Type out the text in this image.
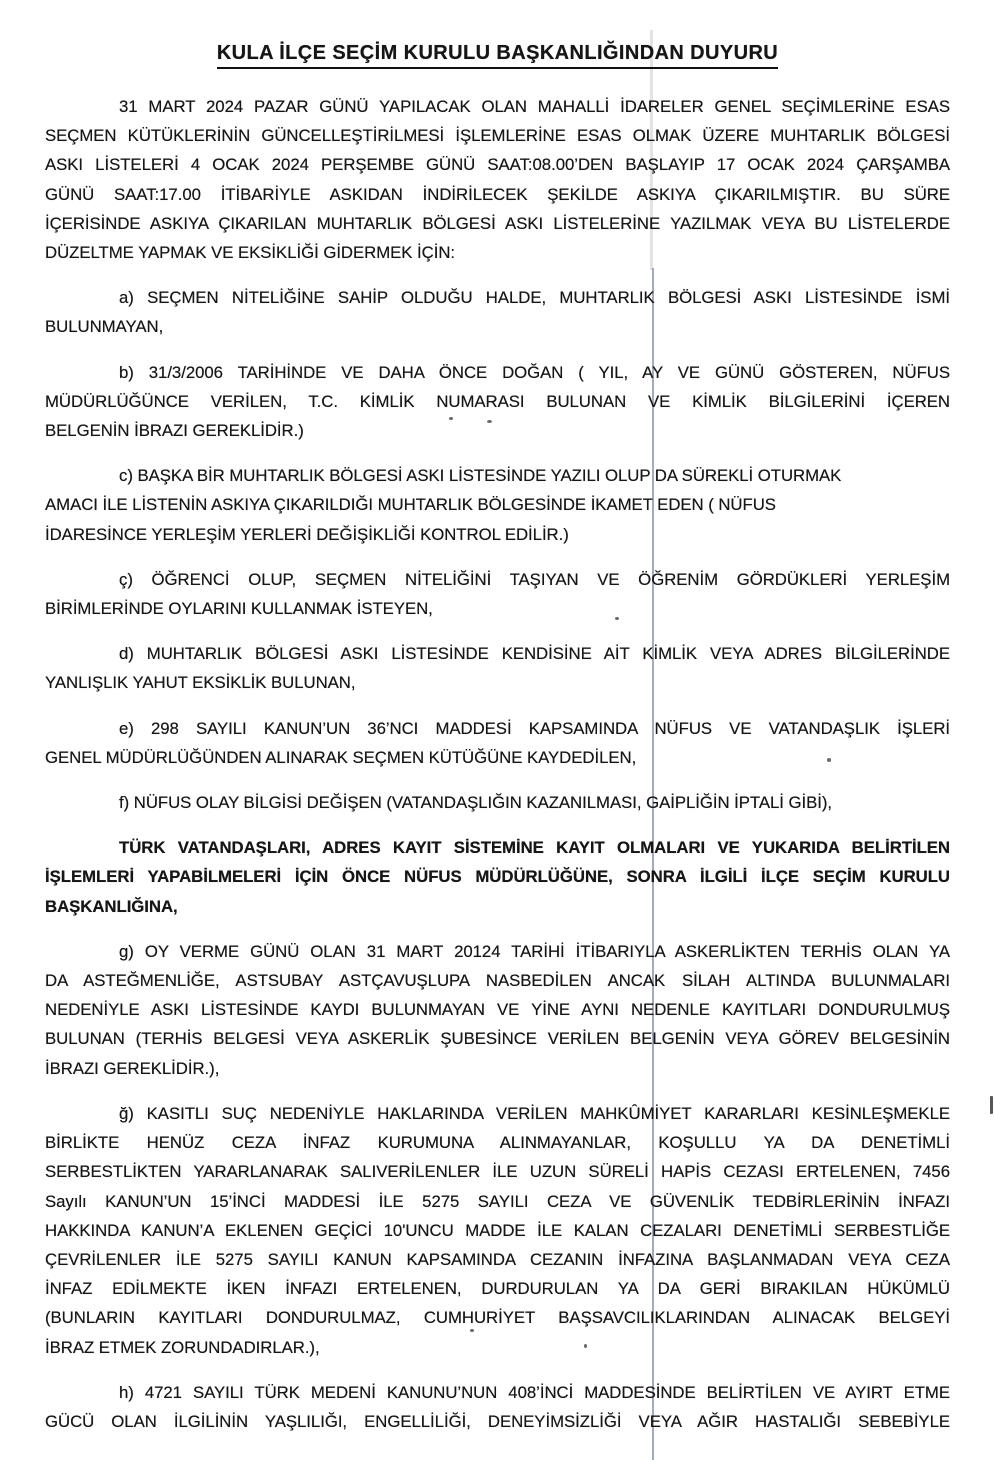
KULA İLÇE SEÇİM KURULU BAŞKANLIĞINDAN DUYURU
31 MART 2024 PAZAR GÜNÜ YAPILACAK OLAN MAHALLİ İDARELER GENEL SEÇİMLERİNE ESAS
SEÇMEN KÜTÜKLERİNİN GÜNCELLEŞTİRİLMESİ İŞLEMLERİNE ESAS OLMAK ÜZERE MUHTARLIK BÖLGESİ
ASKI LİSTELERİ 4 OCAK 2024 PERŞEMBE GÜNÜ SAAT:08.00’DEN BAŞLAYIP 17 OCAK 2024 ÇARŞAMBA
GÜNÜ SAAT:17.00 İTİBARİYLE ASKIDAN İNDİRİLECEK ŞEKİLDE ASKIYA ÇIKARILMIŞTIR. BU SÜRE
İÇERİSİNDE ASKIYA ÇIKARILAN MUHTARLIK BÖLGESİ ASKI LİSTELERİNE YAZILMAK VEYA BU LİSTELERDE
DÜZELTME YAPMAK VE EKSİKLİĞİ GİDERMEK İÇİN:
a) SEÇMEN NİTELİĞİNE SAHİP OLDUĞU HALDE, MUHTARLIK BÖLGESİ ASKI LİSTESİNDE İSMİ
BULUNMAYAN,
b) 31/3/2006 TARİHİNDE VE DAHA ÖNCE DOĞAN ( YIL, AY VE GÜNÜ GÖSTEREN, NÜFUS
MÜDÜRLÜĞÜNCE VERİLEN, T.C. KİMLİK NUMARASI BULUNAN VE KİMLİK BİLGİLERİNİ İÇEREN
BELGENİN İBRAZI GEREKLİDİR.)
c) BAŞKA BİR MUHTARLIK BÖLGESİ ASKI LİSTESİNDE YAZILI OLUP DA SÜREKLİ OTURMAK
AMACI İLE LİSTENİN ASKIYA ÇIKARILDIĞI MUHTARLIK BÖLGESİNDE İKAMET EDEN ( NÜFUS
İDARESİNCE YERLEŞİM YERLERİ DEĞİŞİKLİĞİ KONTROL EDİLİR.)
ç) ÖĞRENCİ OLUP, SEÇMEN NİTELİĞİNİ TAŞIYAN VE ÖĞRENİM GÖRDÜKLERİ YERLEŞİM
BİRİMLERİNDE OYLARINI KULLANMAK İSTEYEN,
d) MUHTARLIK BÖLGESİ ASKI LİSTESİNDE KENDİSİNE AİT KİMLİK VEYA ADRES BİLGİLERİNDE
YANLIŞLIK YAHUT EKSİKLİK BULUNAN,
e) 298 SAYILI KANUN’UN 36’NCI MADDESİ KAPSAMINDA NÜFUS VE VATANDAŞLIK İŞLERİ
GENEL MÜDÜRLÜĞÜNDEN ALINARAK SEÇMEN KÜTÜĞÜNE KAYDEDİLEN,
f) NÜFUS OLAY BİLGİSİ DEĞİŞEN (VATANDAŞLIĞIN KAZANILMASI, GAİPLİĞİN İPTALİ GİBİ),
TÜRK VATANDAŞLARI, ADRES KAYIT SİSTEMİNE KAYIT OLMALARI VE YUKARIDA BELİRTİLEN
İŞLEMLERİ YAPABİLMELERİ İÇİN ÖNCE NÜFUS MÜDÜRLÜĞÜNE, SONRA İLGİLİ İLÇE SEÇİM KURULU
BAŞKANLIĞINA,
g) OY VERME GÜNÜ OLAN 31 MART 20124 TARİHİ İTİBARIYLA ASKERLİKTEN TERHİS OLAN YA
DA ASTEĞMENLİĞE, ASTSUBAY ASTÇAVUŞLUPA NASBEDİLEN ANCAK SİLAH ALTINDA BULUNMALARI
NEDENİYLE ASKI LİSTESİNDE KAYDI BULUNMAYAN VE YİNE AYNI NEDENLE KAYITLARI DONDURULMUŞ
BULUNAN (TERHİS BELGESİ VEYA ASKERLİK ŞUBESİNCE VERİLEN BELGENİN VEYA GÖREV BELGESİNİN
İBRAZI GEREKLİDİR.),
ğ) KASITLI SUÇ NEDENİYLE HAKLARINDA VERİLEN MAHKÛMİYET KARARLARI KESİNLEŞMEKLE
BİRLİKTE HENÜZ CEZA İNFAZ KURUMUNA ALINMAYANLAR, KOŞULLU YA DA DENETİMLİ
SERBESTLİKTEN YARARLANARAK SALIVERİLENLER İLE UZUN SÜRELİ HAPİS CEZASI ERTELENEN, 7456
Sayılı KANUN’UN 15’İNCİ MADDESİ İLE 5275 SAYILI CEZA VE GÜVENLİK TEDBİRLERİNİN İNFAZI
HAKKINDA KANUN’A EKLENEN GEÇİCİ 10'UNCU MADDE İLE KALAN CEZALARI DENETİMLİ SERBESTLİĞE
ÇEVRİLENLER İLE 5275 SAYILI KANUN KAPSAMINDA CEZANIN İNFAZINA BAŞLANMADAN VEYA CEZA
İNFAZ EDİLMEKTE İKEN İNFAZI ERTELENEN, DURDURULAN YA DA GERİ BIRAKILAN HÜKÜMLÜ
(BUNLARIN KAYITLARI DONDURULMAZ, CUMHURİYET BAŞSAVCILIKLARINDAN ALINACAK BELGEYİ
İBRAZ ETMEK ZORUNDADIRLAR.),
h) 4721 SAYILI TÜRK MEDENİ KANUNU’NUN 408’İNCİ MADDESİNDE BELİRTİLEN VE AYIRT ETME
GÜCÜ OLAN İLGİLİNİN YAŞLILIĞI, ENGELLİLİĞİ, DENEYİMSİZLİĞİ VEYA AĞIR HASTALIĞI SEBEBİYLE
